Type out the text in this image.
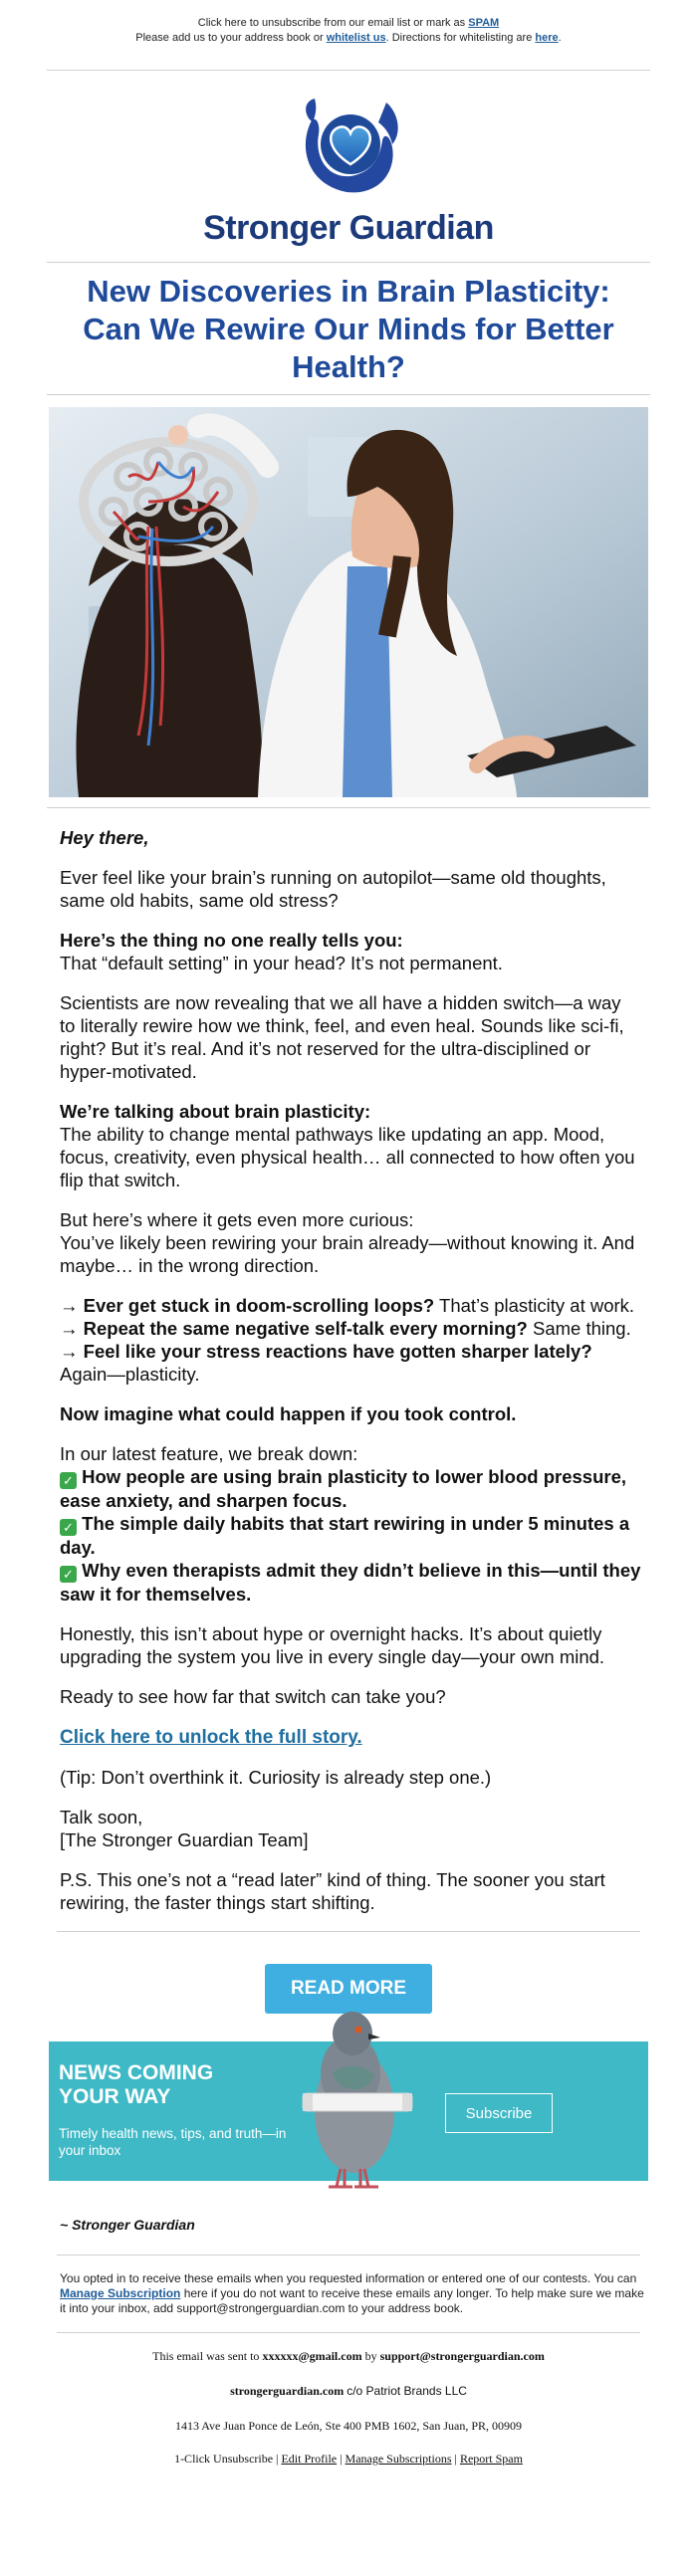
Click here to unsubscribe from our email list or mark as SPAM
Please add us to your address book or whitelist us. Directions for whitelisting are here.
Stronger Guardian
New Discoveries in Brain Plasticity: Can We Rewire Our Minds for Better Health?

Hey there,

Ever feel like your brain’s running on autopilot—same old thoughts, same old habits, same old stress?

Here’s the thing no one really tells you:
That “default setting” in your head? It’s not permanent.

Scientists are now revealing that we all have a hidden switch—a way to literally rewire how we think, feel, and even heal. Sounds like sci-fi, right? But it’s real. And it’s not reserved for the ultra-disciplined or hyper-motivated.

We’re talking about brain plasticity:
The ability to change mental pathways like updating an app. Mood, focus, creativity, even physical health… all connected to how often you flip that switch.

But here’s where it gets even more curious:
You’ve likely been rewiring your brain already—without knowing it. And maybe… in the wrong direction.

→ Ever get stuck in doom-scrolling loops? That’s plasticity at work.
→ Repeat the same negative self-talk every morning? Same thing.
→ Feel like your stress reactions have gotten sharper lately? Again—plasticity.

Now imagine what could happen if you took control.

In our latest feature, we break down:
✓ How people are using brain plasticity to lower blood pressure, ease anxiety, and sharpen focus.
✓ The simple daily habits that start rewiring in under 5 minutes a day.
✓ Why even therapists admit they didn’t believe in this—until they saw it for themselves.

Honestly, this isn’t about hype or overnight hacks. It’s about quietly upgrading the system you live in every single day—your own mind.

Ready to see how far that switch can take you?

Click here to unlock the full story.

(Tip: Don’t overthink it. Curiosity is already step one.)

Talk soon,
[The Stronger Guardian Team]

P.S. This one’s not a “read later” kind of thing. The sooner you start rewiring, the faster things start shifting.

READ MORE
NEWS COMING YOUR WAY
Timely health news, tips, and truth—in your inbox
Subscribe
~ Stronger Guardian
You opted in to receive these emails when you requested information or entered one of our contests. You can Manage Subscription here if you do not want to receive these emails any longer. To help make sure we make it into your inbox, add support@strongerguardian.com to your address book.

This email was sent to xxxxxx@gmail.com by support@strongerguardian.com

strongerguardian.com c/o Patriot Brands LLC

1413 Ave Juan Ponce de León, Ste 400 PMB 1602, San Juan, PR, 00909

1-Click Unsubscribe | Edit Profile | Manage Subscriptions | Report Spam
